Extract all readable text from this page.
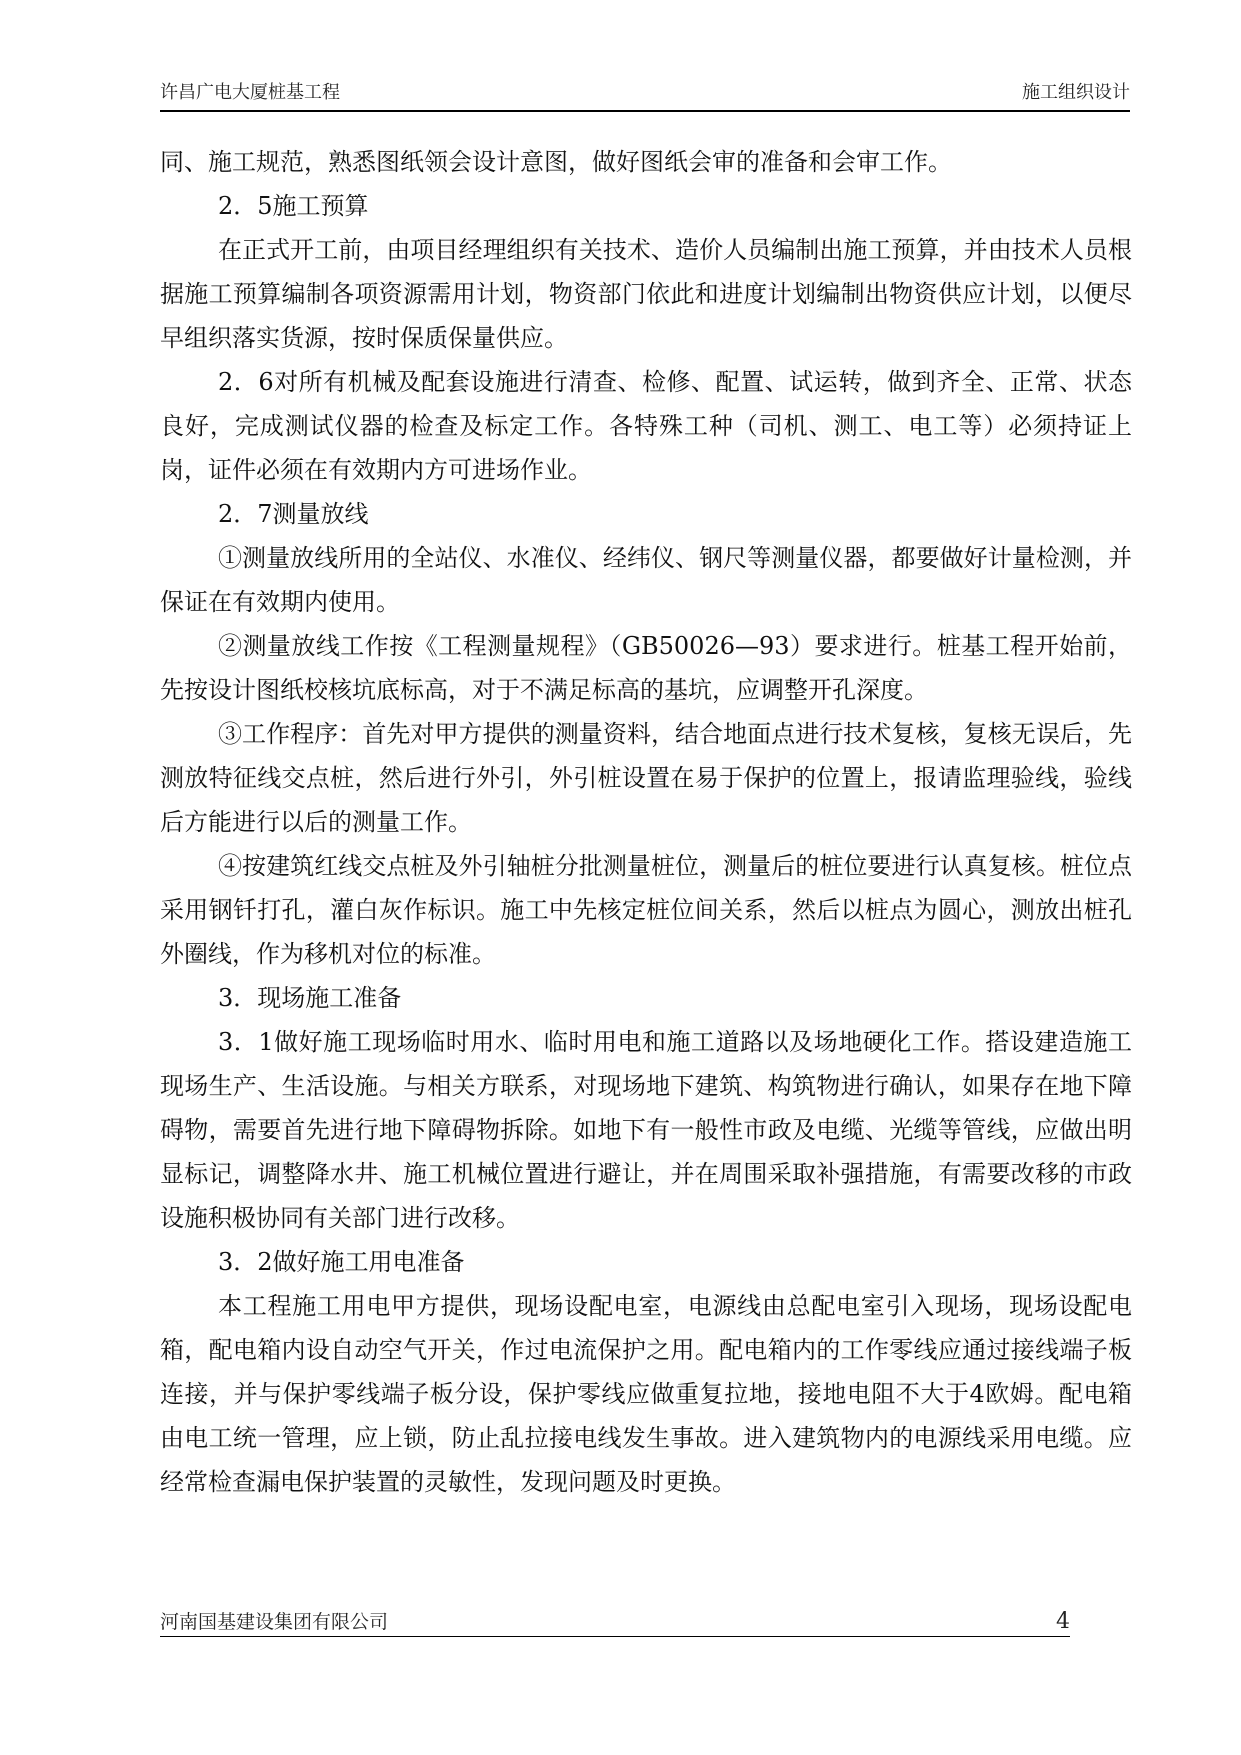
许昌广电大厦桩基工程	施工组织设计

同、施工规范，熟悉图纸领会设计意图，做好图纸会审的准备和会审工作。

2．5施工预算

在正式开工前，由项目经理组织有关技术、造价人员编制出施工预算，并由技术人员根据施工预算编制各项资源需用计划，物资部门依此和进度计划编制出物资供应计划，以便尽早组织落实货源，按时保质保量供应。

2．6对所有机械及配套设施进行清查、检修、配置、试运转，做到齐全、正常、状态良好，完成测试仪器的检查及标定工作。各特殊工种（司机、测工、电工等）必须持证上岗，证件必须在有效期内方可进场作业。

2．7测量放线

①测量放线所用的全站仪、水准仪、经纬仪、钢尺等测量仪器，都要做好计量检测，并保证在有效期内使用。

②测量放线工作按《工程测量规程》（GB50026—93）要求进行。桩基工程开始前，先按设计图纸校核坑底标高，对于不满足标高的基坑，应调整开孔深度。

③工作程序：首先对甲方提供的测量资料，结合地面点进行技术复核，复核无误后，先测放特征线交点桩，然后进行外引，外引桩设置在易于保护的位置上，报请监理验线，验线后方能进行以后的测量工作。

④按建筑红线交点桩及外引轴桩分批测量桩位，测量后的桩位要进行认真复核。桩位点采用钢钎打孔，灌白灰作标识。施工中先核定桩位间关系，然后以桩点为圆心，测放出桩孔外圈线，作为移机对位的标准。

3．现场施工准备

3．1做好施工现场临时用水、临时用电和施工道路以及场地硬化工作。搭设建造施工现场生产、生活设施。与相关方联系，对现场地下建筑、构筑物进行确认，如果存在地下障碍物，需要首先进行地下障碍物拆除。如地下有一般性市政及电缆、光缆等管线，应做出明显标记，调整降水井、施工机械位置进行避让，并在周围采取补强措施，有需要改移的市政设施积极协同有关部门进行改移。

3．2做好施工用电准备

本工程施工用电甲方提供，现场设配电室，电源线由总配电室引入现场，现场设配电箱，配电箱内设自动空气开关，作过电流保护之用。配电箱内的工作零线应通过接线端子板连接，并与保护零线端子板分设，保护零线应做重复拉地，接地电阻不大于4欧姆。配电箱由电工统一管理，应上锁，防止乱拉接电线发生事故。进入建筑物内的电源线采用电缆。应经常检查漏电保护装置的灵敏性，发现问题及时更换。

河南国基建设集团有限公司	4
